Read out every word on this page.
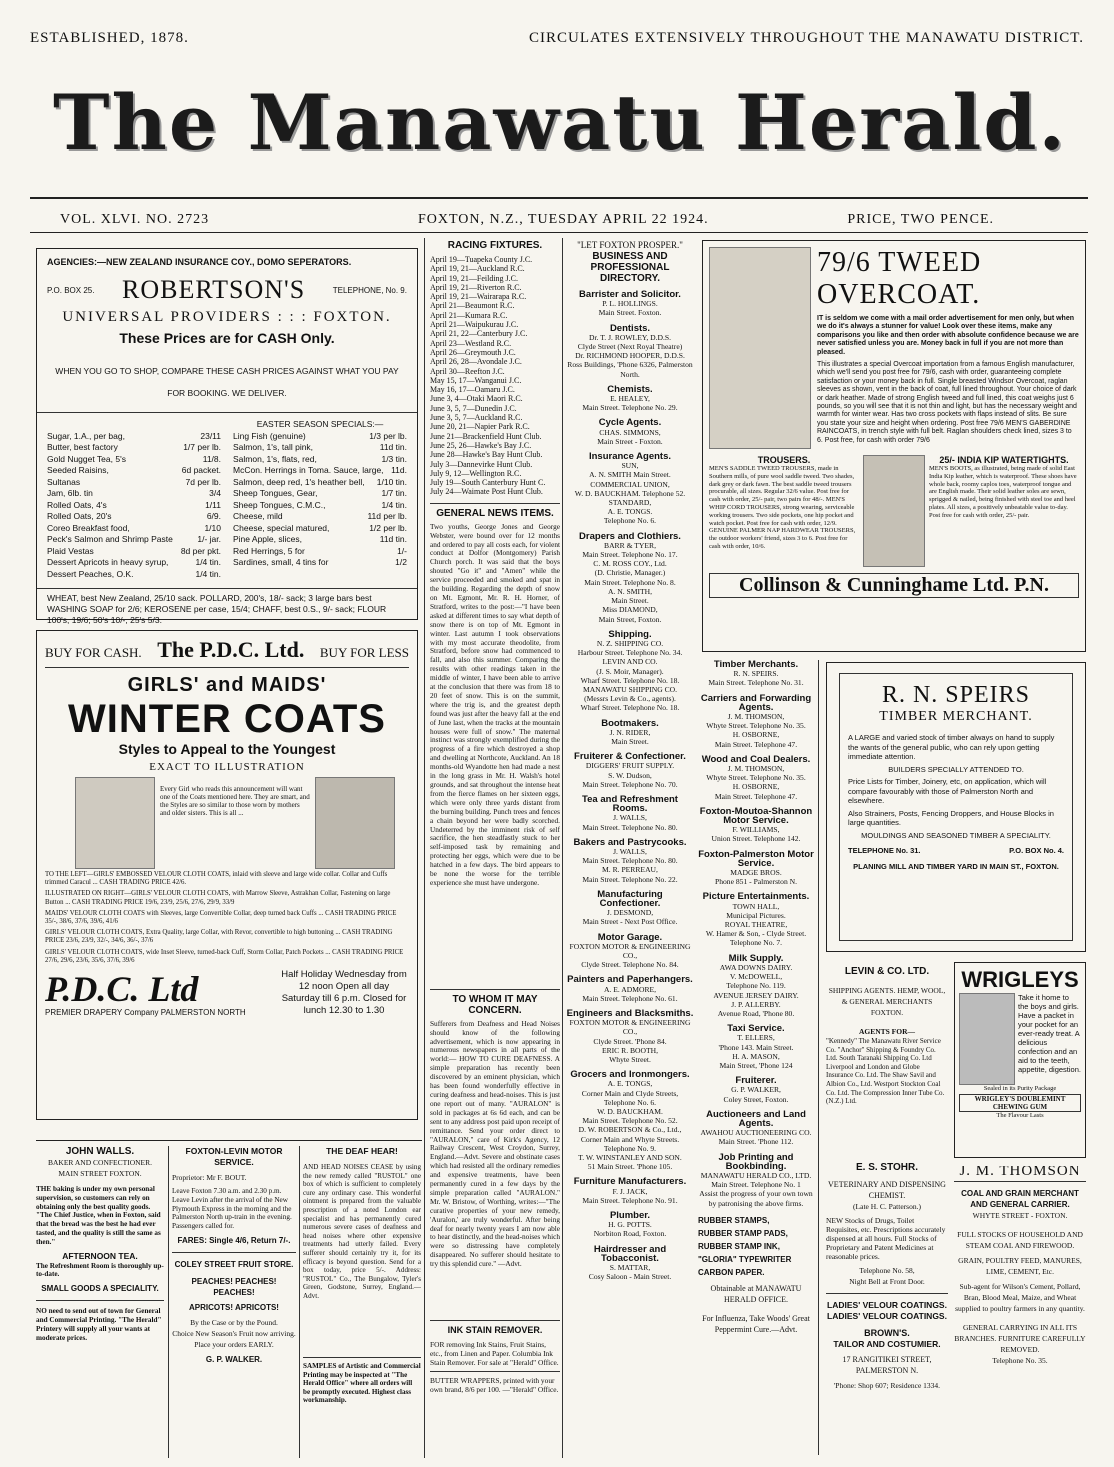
ESTABLISHED, 1878.	CIRCULATES EXTENSIVELY THROUGHOUT THE MANAWATU DISTRICT.
The Manawatu Herald.
VOL. XLVI. NO. 2723	FOXTON, N.Z., TUESDAY APRIL 22 1924.	PRICE, TWO PENCE.
AGENCIES:—NEW ZEALAND INSURANCE COY., DOMO SEPERATORS.
P.O. BOX 25. ROBERTSON'S	TELEPHONE, No. 9.
UNIVERSAL PROVIDERS : : : FOXTON.
These Prices are for CASH Only.
WHEN YOU GO TO SHOP, COMPARE THESE CASH PRICES AGAINST WHAT YOU PAY FOR BOOKING. WE DELIVER.
Sugar, 1.A., per bag,	23/11
Butter, best factory	1/7 per lb.
Gold Nugget Tea, 5's	11/8.
Seeded Raisins,	6d packet.
Sultanas	7d per lb.
Jam, 6lb. tin	3/4
Rolled Oats, 4's	1/11
Rolled Oats, 20's	6/9.
Coreo Breakfast food,	1/10
Peck's Salmon and Shrimp Paste	1/- jar.
Plaid Vestas	8d per pkt.
Dessert Apricots in heavy syrup,	1/4 tin.
Dessert Peaches, O.K.	1/4 tin.
EASTER SEASON SPECIALS:—
Ling Fish (genuine)	1/3 per lb.
Salmon, 1's, tall pink,	11d tin.
Salmon, 1's, flats, red,	1/3 tin.
McCon. Herrings in Toma. Sauce, large, 11d.
Salmon, deep red, 1's heather bell, 1/10 tin.
Sheep Tongues, Gear,	1/7 tin.
Sheep Tongues, C.M.C.,	1/4 tin.
Cheese, mild	11d per lb.
Cheese, special matured,	1/2 per lb.
Pine Apple, slices,	11d tin.
Red Herrings, 5 for	1/-
Sardines, small, 4 tins for	1/2
WHEAT, best New Zealand, 25/10 sack. POLLARD, 200's, 18/- sack; 3 large bars best WASHING SOAP for 2/6; KEROSENE per case, 15/4; CHAFF, best 0.S., 9/- sack; FLOUR 100's, 19/6; 50's 10/-, 25's 5/3.
BUY FOR CASH. The P.D.C. Ltd. BUY FOR LESS
GIRLS' and MAIDS'
WINTER COATS
Styles to Appeal to the Youngest
EXACT TO ILLUSTRATION
Every Girl who reads this announcement will want one of the Coats mentioned here. They are smart, and the Styles are so similar to those worn by mothers and older sisters. This is all ...

TO THE LEFT—GIRLS' EMBOSSED VELOUR CLOTH COATS, inlaid with sleeve and large wide collar. Collar and Cuffs trimmed Caracul ... CASH TRADING PRICE 42/6.

ILLUSTRATED ON RIGHT—GIRLS' VELOUR CLOTH COATS, with Marrow Sleeve, Astrakhan Collar, Fastening on large Button ... CASH TRADING PRICE 19/6, 23/9, 25/6, 27/6, 29/9, 33/9

MAIDS' VELOUR CLOTH COATS with Sleeves, large Convertible Collar, deep turned back Cuffs ... CASH TRADING PRICE 35/-, 38/6, 37/6, 39/6, 41/6

GIRLS' VELOUR CLOTH COATS, Extra Quality, large Collar, with Revor, convertible to high buttoning ... CASH TRADING PRICE 23/6, 23/9, 32/-, 34/6, 36/-, 37/6

GIRLS' VELOUR CLOTH COATS, wide Inset Sleeve, turned-back Cuff, Storm Collar, Patch Pockets ... CASH TRADING PRICE 27/6, 29/6, 23/6, 35/6, 37/6, 39/6

P.D.C. Ltd
PREMIER DRAPERY Company PALMERSTON NORTH
Half Holiday Wednesday from 12 noon Open all day Saturday till 6 p.m. Closed for lunch 12.30 to 1.30
RACING FIXTURES.
April 19—Tuapeka County J.C.
April 19, 21—Auckland R.C.
April 19, 21—Feilding J.C.
April 19, 21—Riverton R.C.
April 19, 21—Wairarapa R.C.
April 21—Beaumont R.C.
April 21—Kumara R.C.
April 21—Waipukurau J.C.
April 21, 22—Canterbury J.C.
April 23—Westland R.C.
April 26—Greymouth J.C.
April 26, 28—Avondale J.C.
April 30—Reefton J.C.
May 15, 17—Wanganui J.C.
May 16, 17—Oamaru J.C.
June 3, 4—Otaki Maori R.C.
June 3, 5, 7—Dunedin J.C.
June 3, 5, 7—Auckland R.C.
June 20, 21—Napier Park R.C.
June 21—Brackenfield Hunt Club.
June 25, 26—Hawke's Bay J.C.
June 28—Hawke's Bay Hunt Club.
July 3—Dannevirke Hunt Club.
July 9, 12—Wellington R.C.
July 19—South Canterbury Hunt C.
July 24—Waimate Post Hunt Club.
GENERAL NEWS ITEMS.
Two youths, George Jones and George Webster, were bound over for 12 months and ordered to pay all costs each, for violent conduct at Dolfor (Montgomery) Parish Church porch. It was said that the boys shouted "Go it" and "Amen" while the service proceeded and smoked and spat in the building. Regarding the depth of snow on Mt. Egmont, Mr. R. H. Horner, of Stratford, writes to the post:—"I have been asked at different times to say what depth of snow there is on top of Mt. Egmont in winter. Last autumn I took observations with my most accurate theodolite, from Stratford, before snow had commenced to fall, and also this summer. Comparing the results with other readings taken in the middle of winter, I have been able to arrive at the conclusion that there was from 18 to 20 feet of snow. This is on the summit, where the trig is, and the greatest depth found was just after the heavy fall at the end of June last, when the tracks at the mountain houses were full of snow." The maternal instinct was strongly exemplified during the progress of a fire which destroyed a shop and dwelling at Northcote, Auckland. An 18 months-old Wyandotte hen had made a nest in the long grass in Mr. H. Walsh's hotel grounds, and sat throughout the intense heat from the fierce flames on her sixteen eggs, which were only three yards distant from the burning building. Punch trees and fences a chain beyond her were badly scorched. Undeterred by the imminent risk of self sacrifice, the hen steadfastly stuck to her self-imposed task by remaining and protecting her eggs, which were due to be hatched in a few days. The bird appears to be none the worse for the terrible experience she must have undergone.
TO WHOM IT MAY CONCERN.
Sufferers from Deafness and Head Noises should know of the following advertisement, which is now appearing in numerous newspapers in all parts of the world:— HOW TO CURE DEAFNESS. A simple preparation has recently been discovered by an eminent physician, which has been found wonderfully effective in curing deafness and head-noises. This is just one report out of many. "AURALON" is sold in packages at 6s 6d each, and can be sent to any address post paid upon receipt of remittance. Send your order direct to "AURALON," care of Kirk's Agency, 12 Railway Crescent, West Croydon, Surrey, England.—Advt. Severe and obstinate cases which had resisted all the ordinary remedies and expensive treatments, have been permanently cured in a few days by the simple preparation called "AURALON." Mr. W. Bristow, of Worthing, writes:—"The curative properties of your new remedy, 'Auralon,' are truly wonderful. After being deaf for nearly twenty years I am now able to hear distinctly, and the head-noises which were so distressing have completely disappeared. No sufferer should hesitate to try this splendid cure." —Advt.
"LET FOXTON PROSPER."
BUSINESS AND PROFESSIONAL DIRECTORY.
Barrister and Solicitor.
P. L. HOLLINGS.
Main Street. Foxton.
Dentists.
Dr. T. J. ROWLEY, D.D.S.
Clyde Street (Next Royal Theatre)
Dr. RICHMOND HOOPER, D.D.S.
Ross Buildings, 'Phone 6326, Palmerston North.
Chemists.
E. HEALEY,
Main Street. Telephone No. 29.
Cycle Agents.
CHAS. SIMMONS,
Main Street - Foxton.
Insurance Agents.
SUN,
A. N. SMITH Main Street.
COMMERCIAL UNION,
W. D. BAUCKHAM. Telephone 52.
STANDARD,
A. E. TONGS.
Telephone No. 6.
Drapers and Clothiers.
BARR & TYER,
Main Street. Telephone No. 17.
C. M. ROSS COY., Ltd.
(D. Christie, Manager.)
Main Street. Telephone No. 8.
A. N. SMITH,
Main Street.
Miss DIAMOND,
Main Street, Foxton.
Shipping.
N. Z. SHIPPING CO.
Harbour Street. Telephone No. 34.
LEVIN AND CO.
(J. S. Moir, Manager).
Wharf Street. Telephone No. 18.
MANAWATU SHIPPING CO.
(Messrs Levin & Co., agents).
Wharf Street. Telephone No. 18.
Bootmakers.
J. N. RIDER,
Main Street.
Fruiterer & Confectioner.
DIGGERS' FRUIT SUPPLY.
S. W. Dudson,
Main Street. Telephone No. 70.
Tea and Refreshment Rooms.
J. WALLS,
Main Street. Telephone No. 80.
Bakers and Pastrycooks.
J. WALLS,
Main Street. Telephone No. 80.
M. R. PERREAU,
Main Street. Telephone No. 22.
Manufacturing Confectioner.
J. DESMOND,
Main Street - Next Post Office.
Motor Garage.
FOXTON MOTOR & ENGINEERING CO.,
Clyde Street. Telephone No. 84.
Painters and Paperhangers.
A. E. ADMORE,
Main Street. Telephone No. 61.
Engineers and Blacksmiths.
FOXTON MOTOR & ENGINEERING CO.,
Clyde Street. 'Phone 84.
ERIC R. BOOTH,
Whyte Street.
Grocers and Ironmongers.
A. E. TONGS,
Corner Main and Clyde Streets,
Telephone No. 6.
W. D. BAUCKHAM.
Main Street. Telephone No. 52.
D. W. ROBERTSON & Co., Ltd.,
Corner Main and Whyte Streets.
Telephone No. 9.
T. W. WINSTANLEY AND SON.
51 Main Street. 'Phone 105.
Furniture Manufacturers.
F. J. JACK,
Main Street. Telephone No. 91.
Plumber.
H. G. POTTS.
Norbiton Road, Foxton.
Hairdresser and Tobacconist.
S. MATTAR,
Cosy Saloon - Main Street.
79/6 TWEED OVERCOAT.
IT is seldom we come with a mail order advertisement for men only, but when we do it's always a stunner for value! Look over these items, make any comparisons you like and then order with absolute confidence because we are never satisfied unless you are. Money back in full if you are not more than pleased.
This illustrates a special Overcoat importation from a famous English manufacturer, which we'll send you post free for 79/6, cash with order, guaranteeing complete satisfaction or your money back in full. Single breasted Windsor Overcoat, raglan sleeves as shown, vent in the back of coat, full lined throughout. Your choice of dark or dark heather. Made of strong English tweed and full lined, this coat weighs just 6 pounds, so you will see that it is not thin and light, but has the necessary weight and warmth for winter wear. Has two cross pockets with flaps instead of slits. Be sure you state your size and height when ordering. Post free 79/6 MEN'S GABERDINE RAINCOATS, in trench style with full belt. Raglan shoulders check lined, sizes 3 to 6. Post free, for cash with order 79/6
TROUSERS.
MEN'S SADDLE TWEED TROUSERS, made in Southern mills, of pure wool saddle tweed. Two shades, dark grey or dark fawn. The best saddle tweed trousers procurable, all sizes. Regular 32/6 value. Post free for cash with order, 25/- pair, two pairs for 48/-. MEN'S WHIP CORD TROUSERS, strong wearing, serviceable working trousers. Two side pockets, one hip pocket and watch pocket. Post free for cash with order, 12/9. GENUINE PALMER NAP HARDWEAR TROUSERS, the outdoor workers' friend, sizes 3 to 6. Post free for cash with order, 10/6.
25/- INDIA KIP WATERTIGHTS.
MEN'S BOOTS, as illustrated, being made of solid East India Kip leather, which is waterproof. These shoes have whole back, roomy caplos toes, waterproof tongue and are English made. Their solid leather soles are sewn, sprigged & nailed, being finished with steel toe and heel plates. All sizes, a positively unbeatable value to-day. Post free for cash with order, 25/- pair.
Collinson & Cunninghame Ltd. P.N.
Timber Merchants.
R. N. SPEIRS.
Main Street. Telephone No. 31.
Carriers and Forwarding Agents.
J. M. THOMSON,
Whyte Street. Telephone No. 35.
H. OSBORNE,
Main Street. Telephone 47.
Wood and Coal Dealers.
J. M. THOMSON,
Whyte Street. Telephone No. 35.
H. OSBORNE,
Main Street. Telephone 47.
Foxton-Moutoa-Shannon Motor Service.
F. WILLIAMS,
Union Street. Telephone 142.
Foxton-Palmerston Motor Service.
MADGE BROS.
Phone 851 - Palmerston N.
Picture Entertainments.
TOWN HALL,
Municipal Pictures.
ROYAL THEATRE,
W. Hamer & Son, - Clyde Street.
Telephone No. 7.
Milk Supply.
AWA DOWNS DAIRY.
V. McDOWELL,
Telephone No. 119.
AVENUE JERSEY DAIRY.
J. P. ALLERBY.
Avenue Road, 'Phone 80.
Taxi Service.
T. ELLERS,
'Phone 143. Main Street.
H. A. MASON,
Main Street, 'Phone 124
Fruiterer.
G. P. WALKER,
Coley Street, Foxton.
Auctioneers and Land Agents.
AWAHOU AUCTIONEERING CO.
Main Street. 'Phone 112.
Job Printing and Bookbinding.
MANAWATU HERALD CO., LTD.
Main Street. Telephone No. 1
Assist the progress of your own town by patronising the above firms.
RUBBER STAMPS,
RUBBER STAMP PADS,
RUBBER STAMP INK,
"GLORIA" TYPEWRITER CARBON PAPER.
Obtainable at MANAWATU HERALD OFFICE.
For Influenza, Take Woods' Great Peppermint Cure.—Advt.
R. N. SPEIRS
TIMBER MERCHANT.

A LARGE and varied stock of timber always on hand to supply the wants of the general public, who can rely upon getting immediate attention.

BUILDERS SPECIALLY ATTENDED TO.

Price Lists for Timber, Joinery, etc, on application, which will compare favourably with those of Palmerston North and elsewhere.

Also Strainers, Posts, Fencing Droppers, and House Blocks in large quantities.

MOULDINGS AND SEASONED TIMBER A SPECIALITY.

TELEPHONE No. 31.	P.O. BOX No. 4.
PLANING MILL AND TIMBER YARD IN MAIN ST., FOXTON.
LEVIN & CO. LTD.
SHIPPING AGENTS. HEMP, WOOL, & GENERAL MERCHANTS FOXTON.
AGENTS FOR—
"Kennedy" The Manawatu River Service Co. "Anchor" Shipping & Foundry Co. Ltd. South Taranaki Shipping Co. Ltd Liverpool and London and Globe Insurance Co. Ltd. The Shaw Savil and Albion Co., Ltd. Westport Stockton Coal Co. Ltd. The Compression Inner Tube Co. (N.Z.) Ltd.
WRIGLEYS
Take it home to the boys and girls. Have a packet in your pocket for an ever-ready treat. A delicious confection and an aid to the teeth, appetite, digestion.
Sealed in its Purity Package
WRIGLEY'S DOUBLEMINT CHEWING GUM
The Flavour Lasts
E. S. STOHR.
VETERINARY AND DISPENSING CHEMIST.
(Late H. C. Patterson.)
NEW Stocks of Drugs, Toilet Requisites, etc. Prescriptions accurately dispensed at all hours. Full Stocks of Proprietary and Patent Medicines at reasonable prices.
Telephone No. 58,
Night Bell at Front Door.
LADIES' VELOUR COATINGS.
LADIES' VELOUR COATINGS.
BROWN'S.
TAILOR AND COSTUMIER.
17 RANGITIKEI STREET,
PALMERSTON N.
'Phone: Shop 607; Residence 1334.
J. M. THOMSON
COAL AND GRAIN MERCHANT AND GENERAL CARRIER.
WHYTE STREET - FOXTON.
FULL STOCKS OF HOUSEHOLD AND STEAM COAL AND FIREWOOD.
GRAIN, POULTRY FEED, MANURES, LIME, CEMENT, Etc.
Sub-agent for Wilson's Cement, Pollard, Bran, Blood Meal, Maize, and Wheat supplied to poultry farmers in any quantity.
GENERAL CARRYING IN ALL ITS BRANCHES. FURNITURE CAREFULLY REMOVED.
Telephone No. 35.
JOHN WALLS.
BAKER AND CONFECTIONER.
MAIN STREET FOXTON.
THE baking is under my own personal supervision, so customers can rely on obtaining only the best quality goods. "The Chief Justice, when in Foxton, said that the bread was the best he had ever tasted, and the quality is still the same as then."
AFTERNOON TEA.
The Refreshment Room is thoroughly up-to-date.
SMALL GOODS A SPECIALITY.
NO need to send out of town for General and Commercial Printing. "The Herald" Printery will supply all your wants at moderate prices.
FOXTON-LEVIN MOTOR SERVICE.
Proprietor: Mr F. BOUT.
Leave Foxton 7.30 a.m. and 2.30 p.m. Leave Levin after the arrival of the New Plymouth Express in the morning and the Palmerston North up-train in the evening. Passengers called for.
FARES: Single 4/6, Return 7/-.
COLEY STREET FRUIT STORE.
PEACHES! PEACHES! PEACHES!
APRICOTS! APRICOTS!
By the Case or by the Pound.
Choice New Season's Fruit now arriving.
Place your orders EARLY.
G. P. WALKER.
THE DEAF HEAR!
AND HEAD NOISES CEASE by using the new remedy called "RUSTOL" one box of which is sufficient to completely cure any ordinary case. This wonderful ointment is prepared from the valuable prescription of a noted London ear specialist and has permanently cured numerous severe cases of deafness and head noises where other expensive treatments had utterly failed. Every sufferer should certainly try it, for its efficacy is beyond question. Send for a box today, price 5/-. Address: "RUSTOL" Co., The Bungalow, Tyler's Green, Godstone, Surrey, England.—Advt.
SAMPLES of Artistic and Commercial Printing may be inspected at "The Herald Office" where all orders will be promptly executed. Highest class workmanship.
INK STAIN REMOVER.
FOR removing Ink Stains, Fruit Stains, etc., from Linen and Paper. Columbia Ink Stain Remover. For sale at "Herald" Office.
BUTTER WRAPPERS, printed with your own brand, 8/6 per 100. —"Herald" Office.
